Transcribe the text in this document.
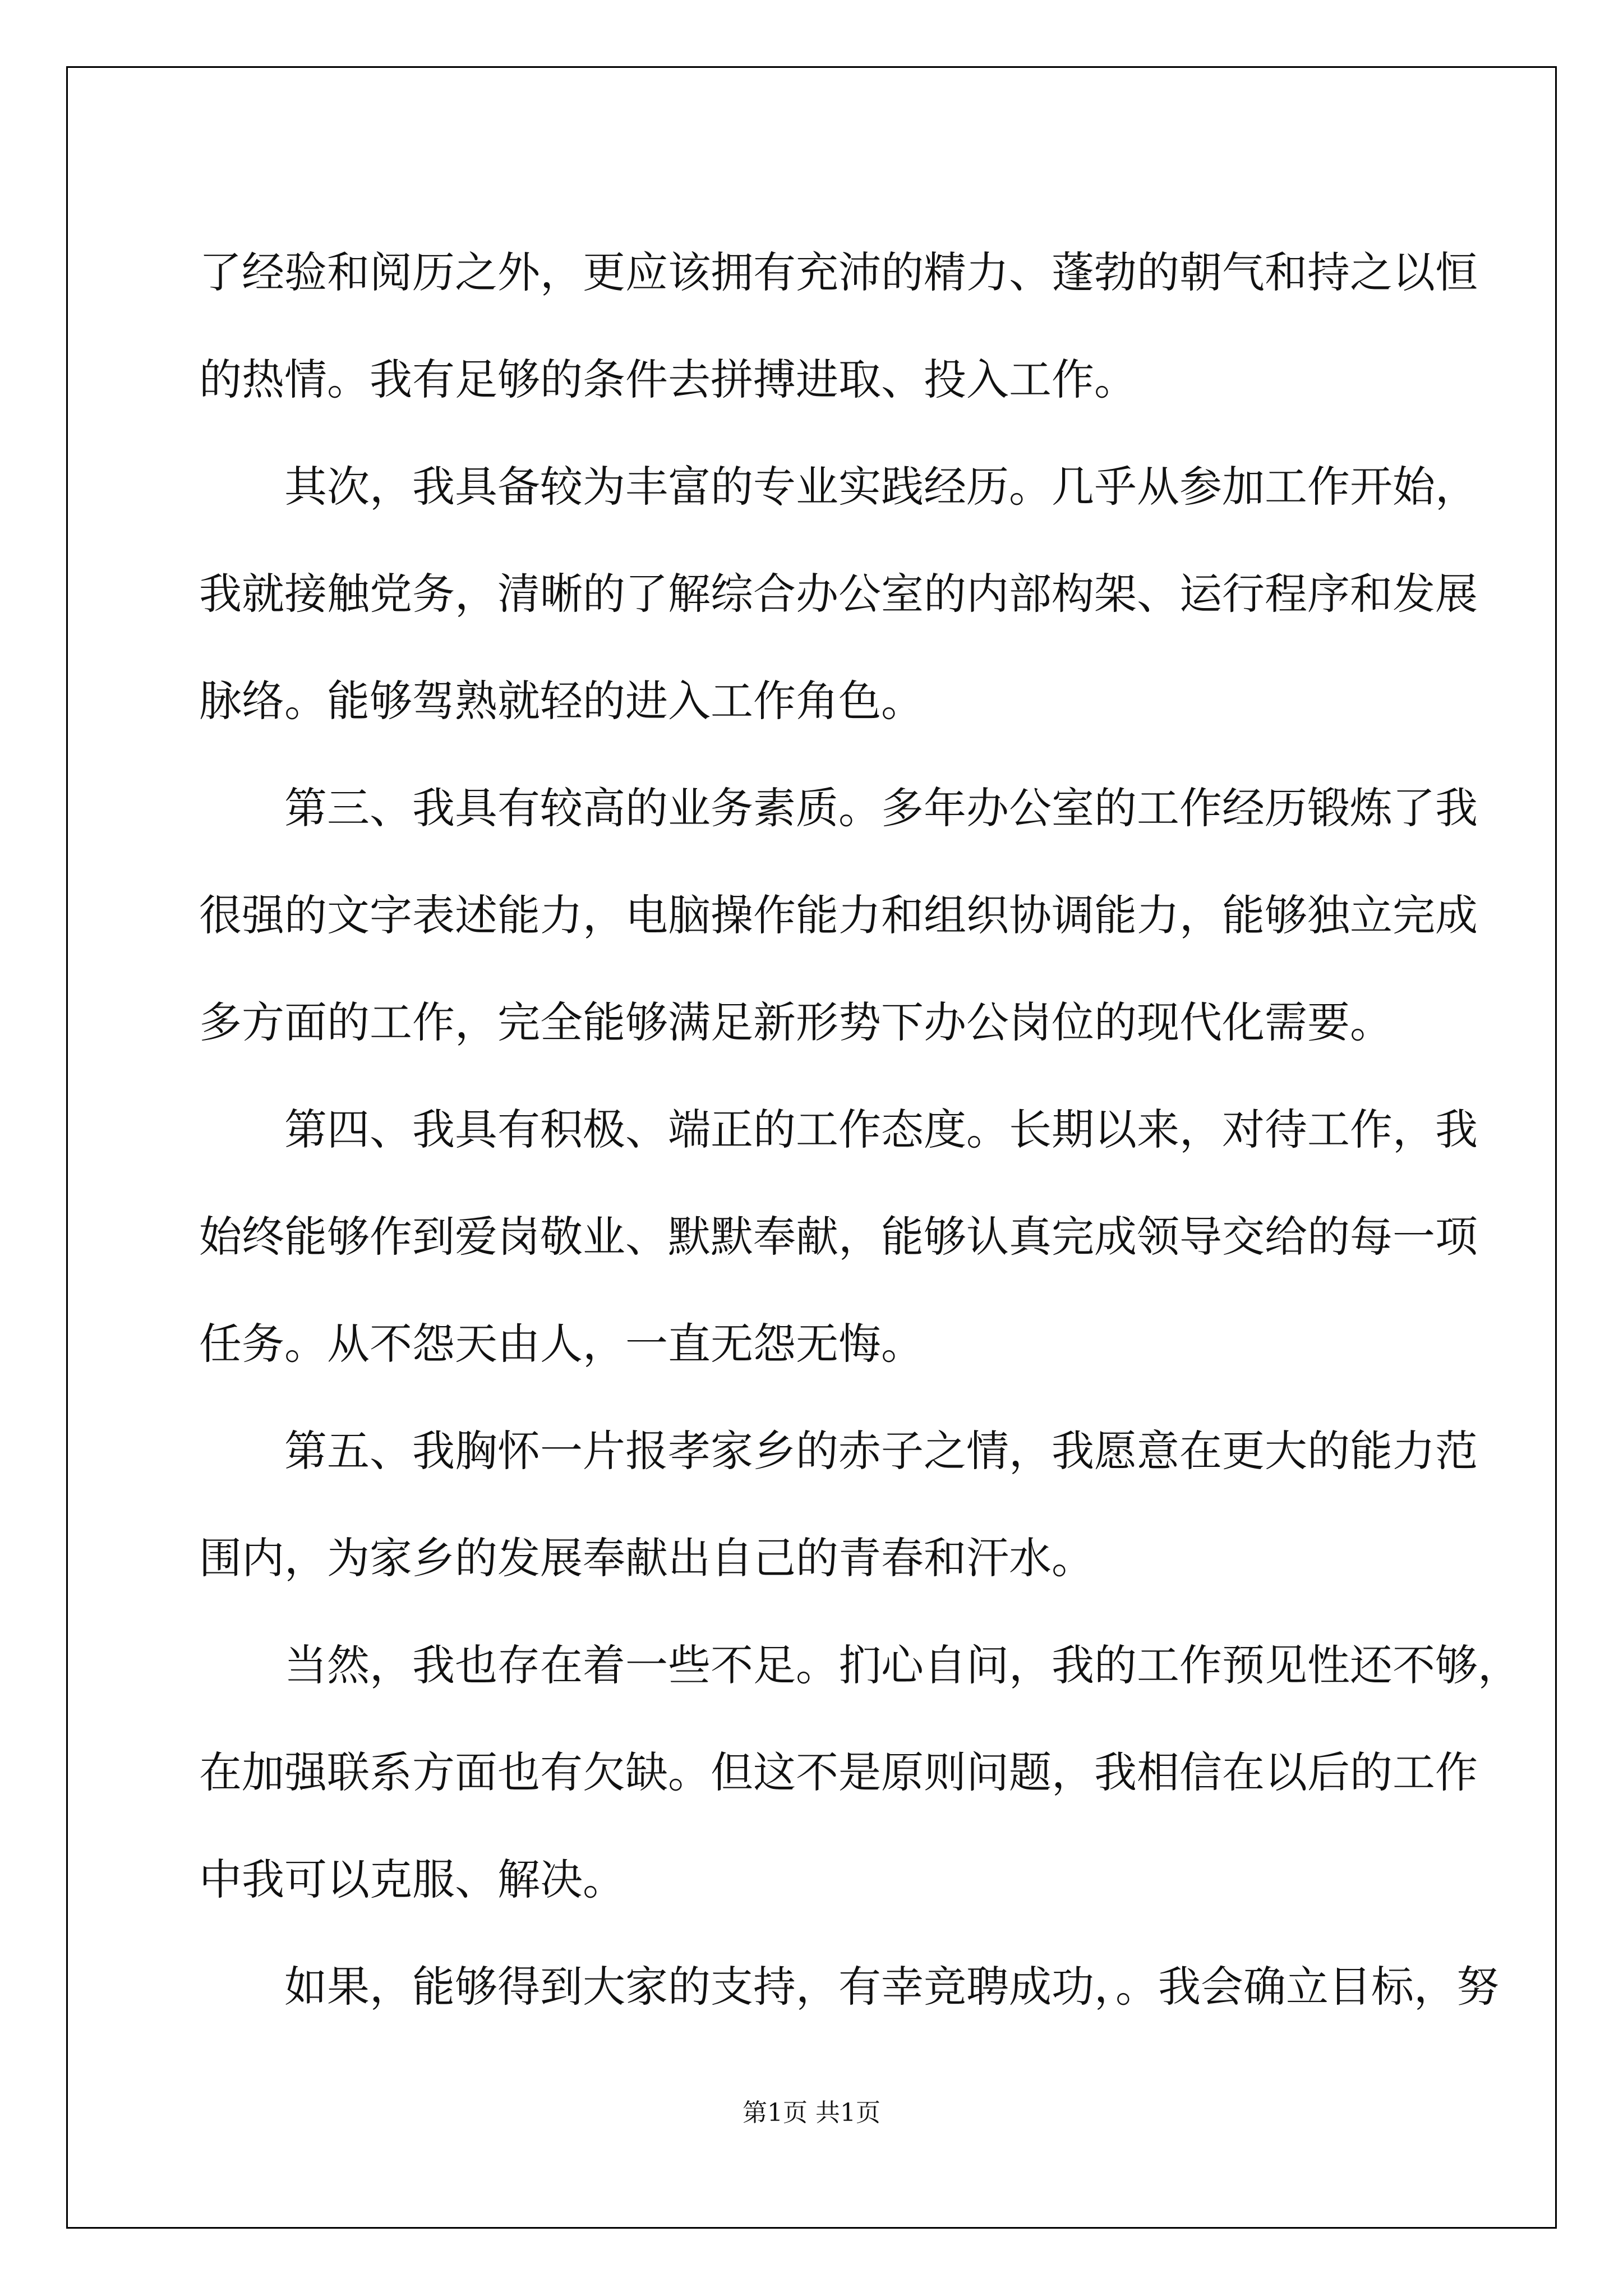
了经验和阅历之外，更应该拥有充沛的精力、蓬勃的朝气和持之以恒
的热情。我有足够的条件去拼搏进取、投入工作。
其次，我具备较为丰富的专业实践经历。几乎从参加工作开始，
我就接触党务，清晰的了解综合办公室的内部构架、运行程序和发展
脉络。能够驾熟就轻的进入工作角色。
第三、我具有较高的业务素质。多年办公室的工作经历锻炼了我
很强的文字表述能力，电脑操作能力和组织协调能力，能够独立完成
多方面的工作，完全能够满足新形势下办公岗位的现代化需要。
第四、我具有积极、端正的工作态度。长期以来，对待工作，我
始终能够作到爱岗敬业、默默奉献，能够认真完成领导交给的每一项
任务。从不怨天由人，一直无怨无悔。
第五、我胸怀一片报孝家乡的赤子之情，我愿意在更大的能力范
围内，为家乡的发展奉献出自己的青春和汗水。
当然，我也存在着一些不足。扪心自问，我的工作预见性还不够，
在加强联系方面也有欠缺。但这不是原则问题，我相信在以后的工作
中我可以克服、解决。
如果，能够得到大家的支持，有幸竞聘成功，。我会确立目标，努
第1页 共1页
